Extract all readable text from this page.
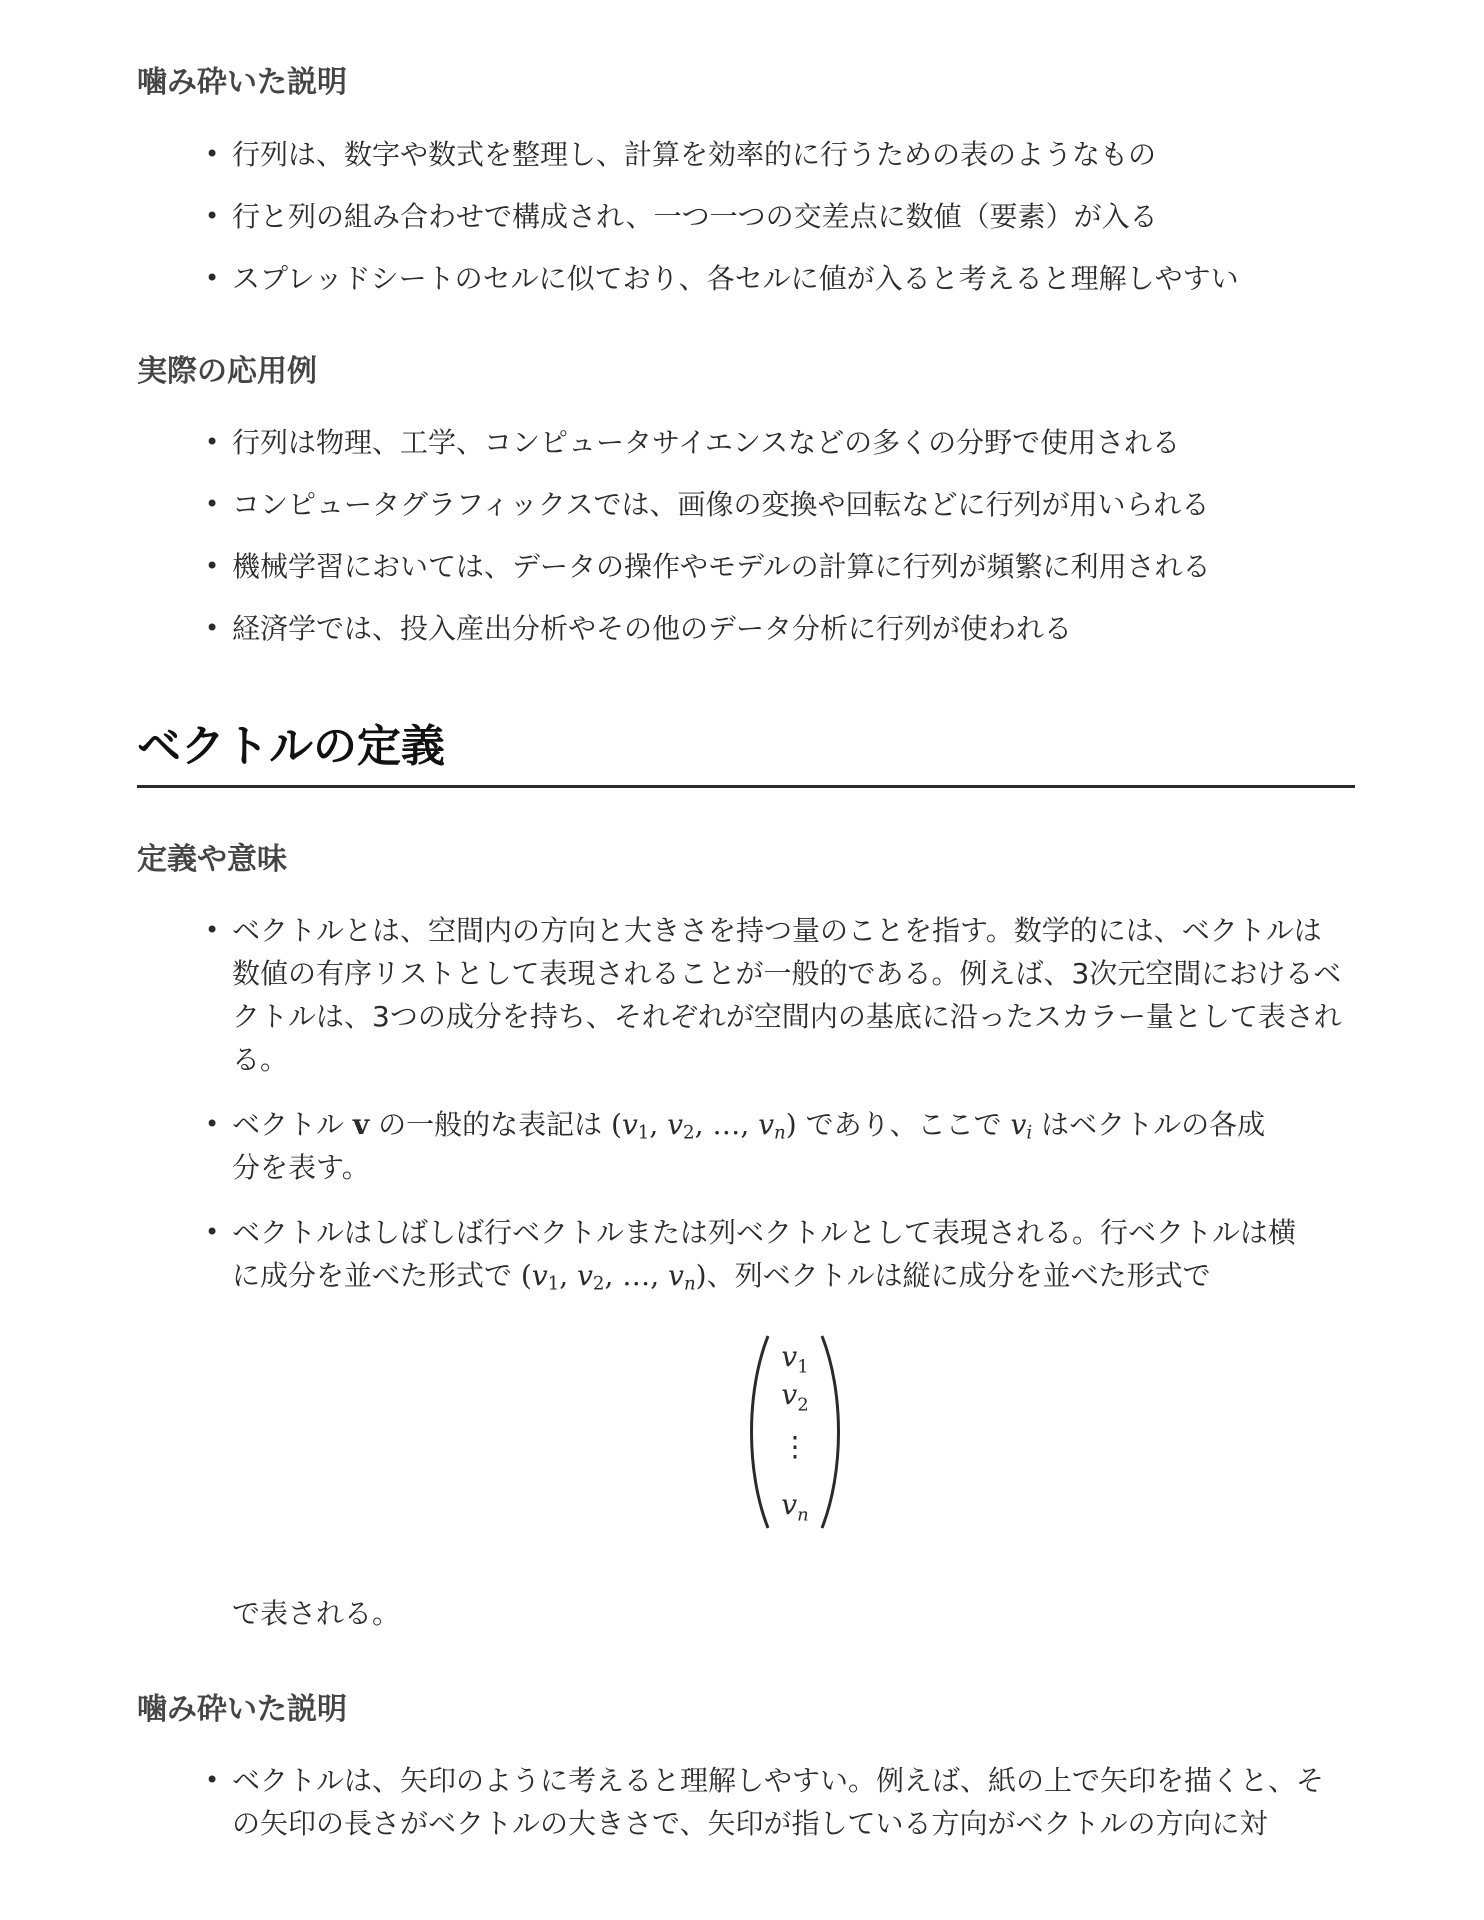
噛み砕いた説明
• 行列は、数字や数式を整理し、計算を効率的に行うための表のようなもの
• 行と列の組み合わせで構成され、一つ一つの交差点に数値（要素）が入る
• スプレッドシートのセルに似ており、各セルに値が入ると考えると理解しやすい
実際の応用例
• 行列は物理、工学、コンピュータサイエンスなどの多くの分野で使用される
• コンピュータグラフィックスでは、画像の変換や回転などに行列が用いられる
• 機械学習においては、データの操作やモデルの計算に行列が頻繁に利用される
• 経済学では、投入産出分析やその他のデータ分析に行列が使われる
ベクトルの定義
定義や意味
• ベクトルとは、空間内の方向と大きさを持つ量のことを指す。数学的には、ベクトルは数値の有序リストとして表現されることが一般的である。例えば、3次元空間におけるベクトルは、3つの成分を持ち、それぞれが空間内の基底に沿ったスカラー量として表される。
• ベクトル v の一般的な表記は ($v_1$, $v_2$, …, $v_n$) であり、ここで $v_i$ はベクトルの各成
分を表す。
• ベクトルはしばしば行ベクトルまたは列ベクトルとして表現される。行ベクトルは横
に成分を並べた形式で ($v_1$, $v_2$, …, $v_n$)、列ベクトルは縦に成分を並べた形式で
$v_1$
$v_2$
⋮
$v_n$
で表される。
噛み砕いた説明
• ベクトルは、矢印のように考えると理解しやすい。例えば、紙の上で矢印を描くと、その矢印の長さがベクトルの大きさで、矢印が指している方向がベクトルの方向に対
